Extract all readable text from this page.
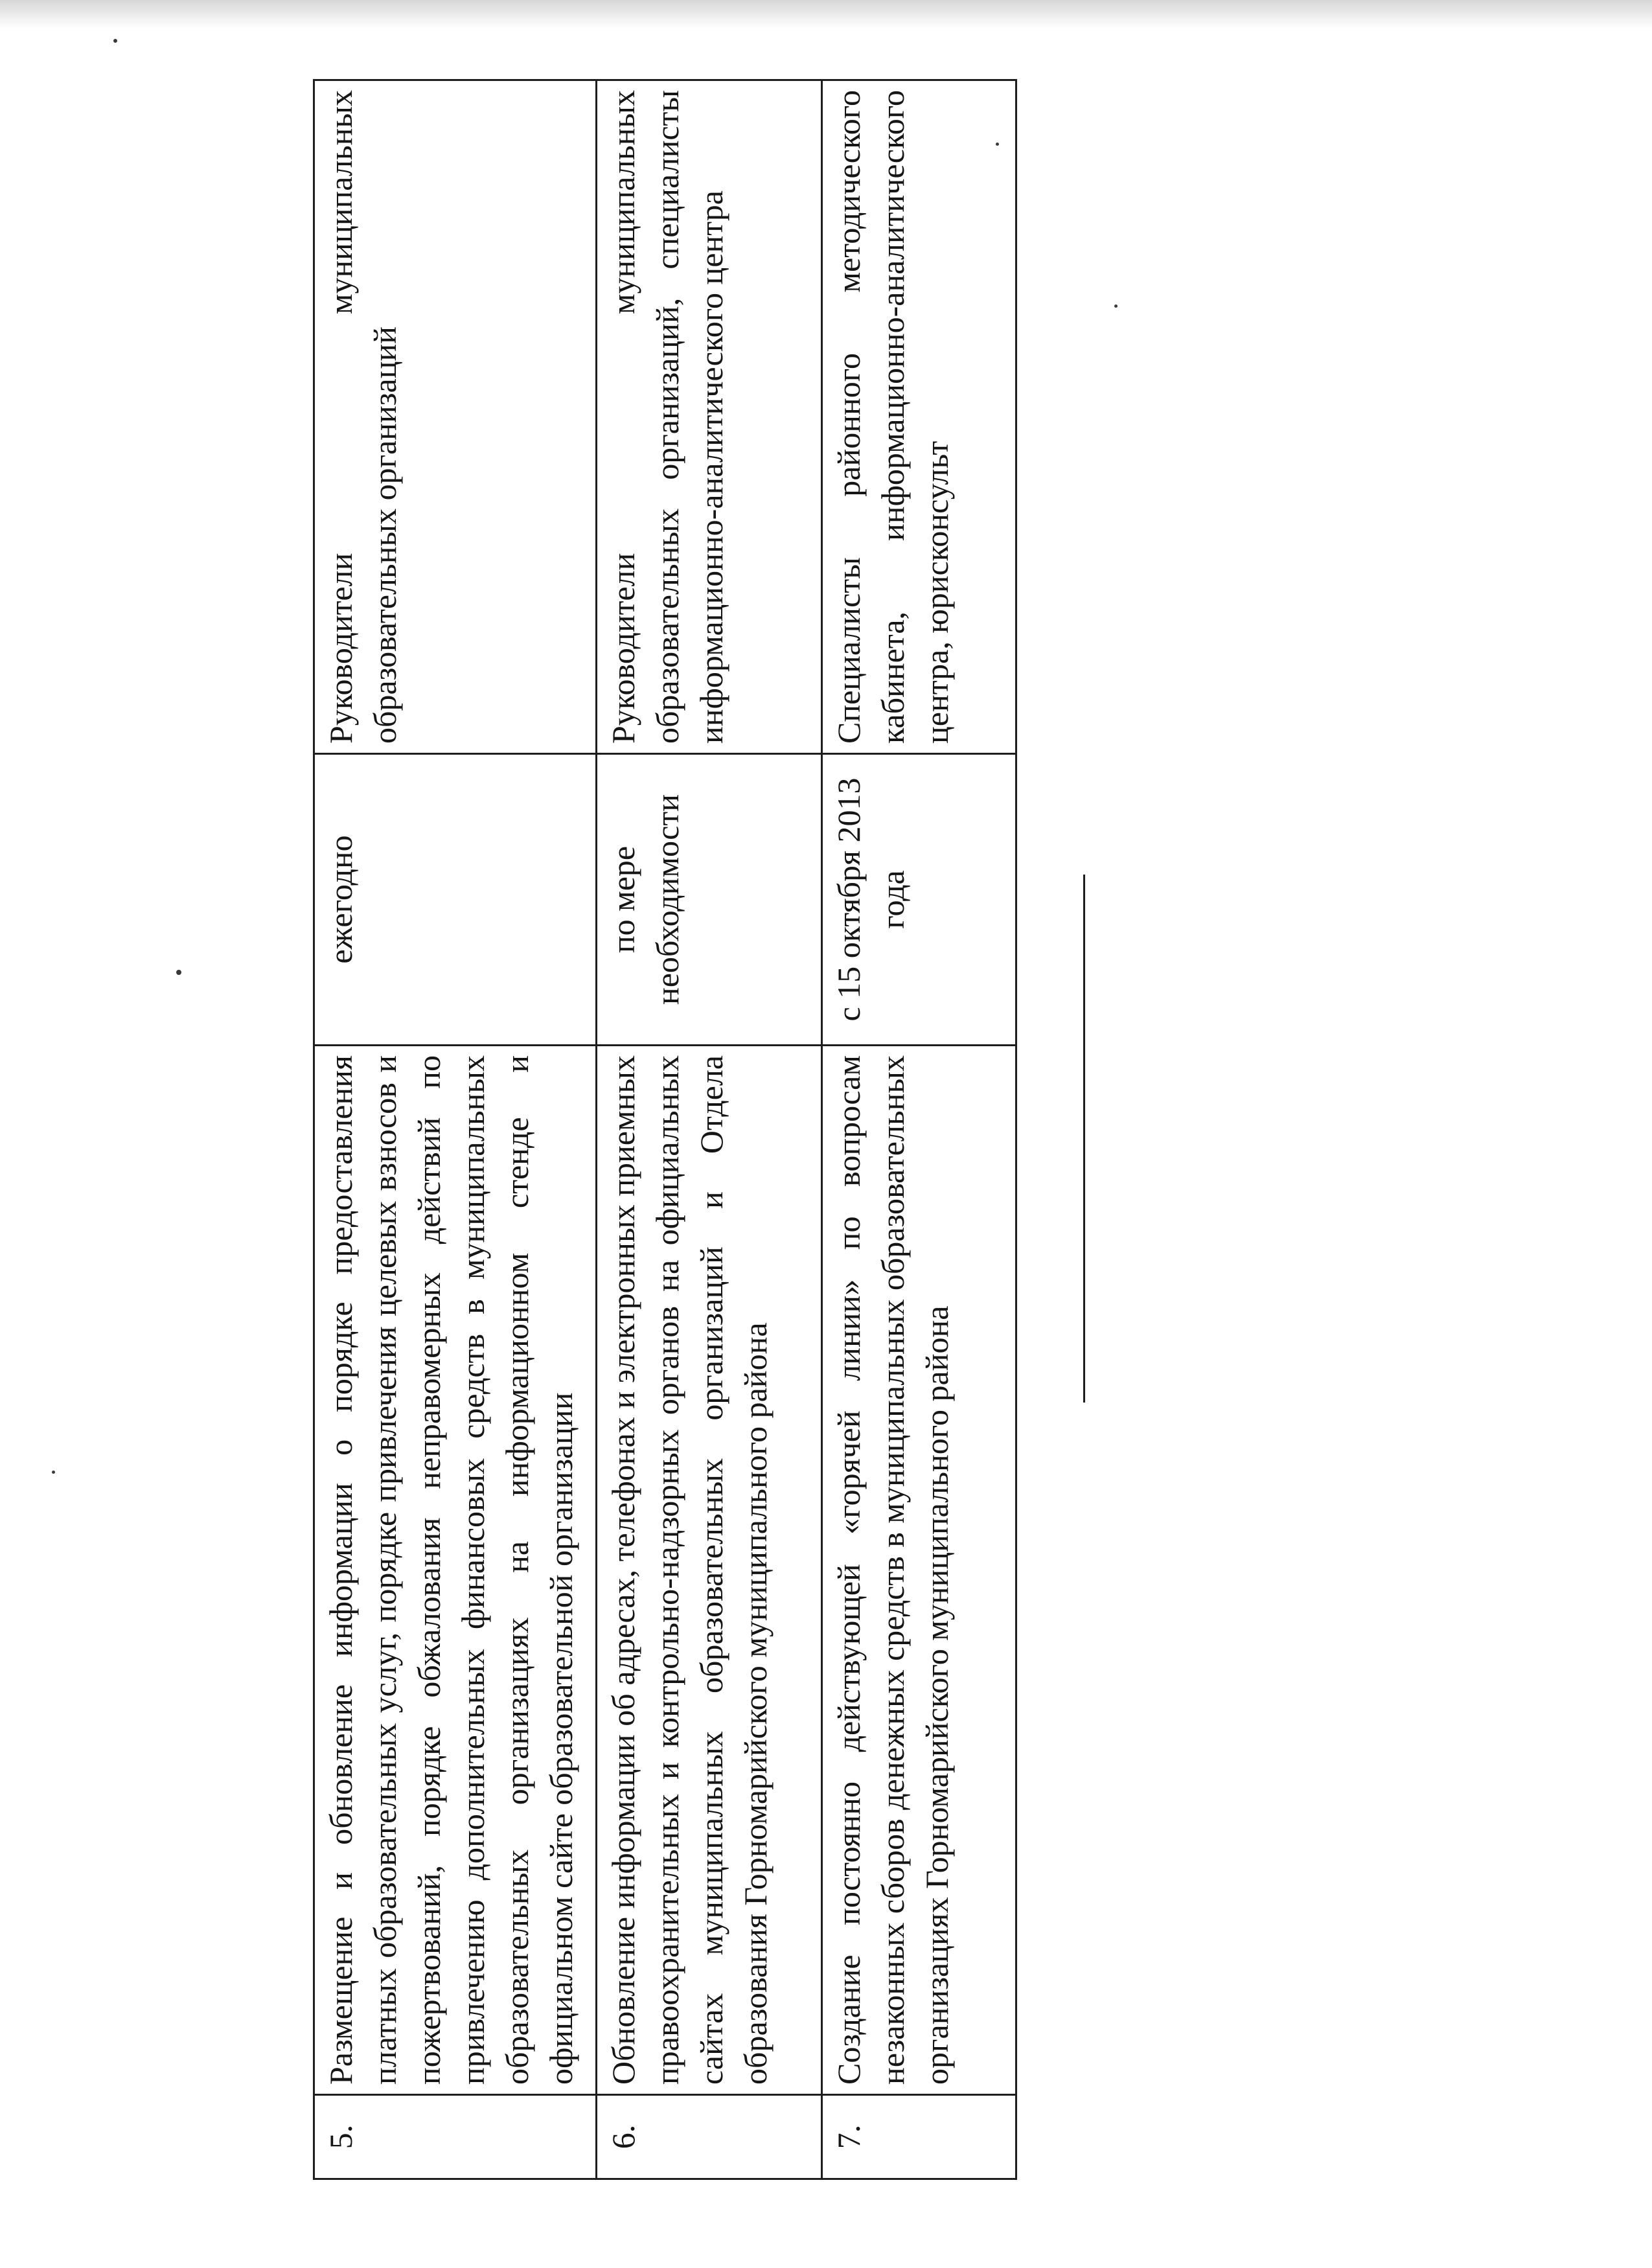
5.	Размещение и обновление информации о порядке предоставления платных образовательных услуг, порядке привлечения целевых взносов и пожертвований, порядке обжалования неправомерных действий по привлечению дополнительных финансовых средств в муниципальных образовательных организациях на информационном стенде и официальном сайте образовательной организации	ежегодно	Руководители муниципальных образовательных организаций
6.	Обновление информации об адресах, телефонах и электронных приемных правоохранительных и контрольно-надзорных органов на официальных сайтах муниципальных образовательных организаций и Отдела образования Горномарийского муниципального района	по мере необходимости	Руководители муниципальных образовательных организаций, специалисты информационно-аналитического центра
7.	Создание постоянно действующей «горячей линии» по вопросам незаконных сборов денежных средств в муниципальных образовательных организациях Горномарийского муниципального района	с 15 октября 2013 года	Специалисты районного методического кабинета, информационно-аналитического центра, юрисконсульт
